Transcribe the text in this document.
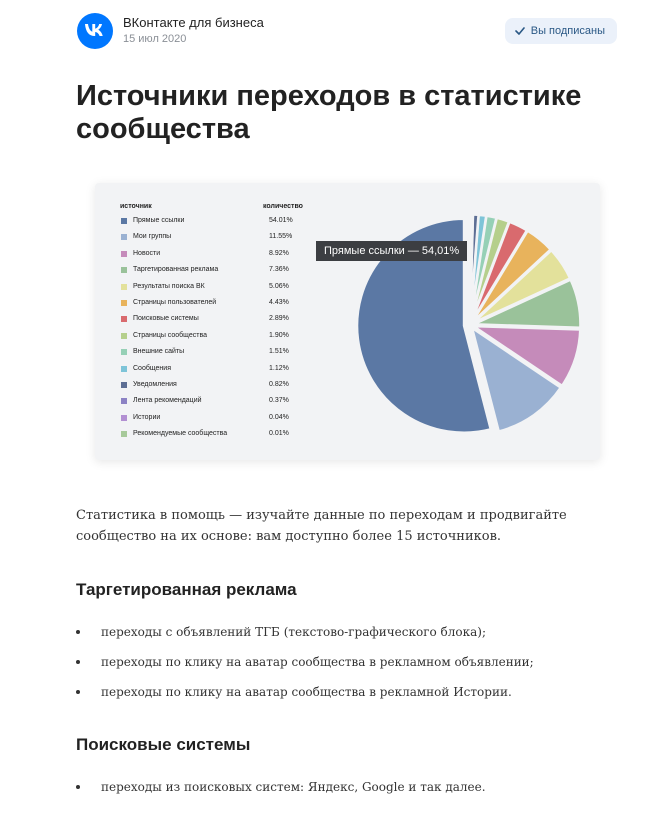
ВКонтакте для бизнеса
15 июл 2020
Вы подписаны
Источники переходов в статистике сообщества
источник	количество
Прямые ссылки	54.01%
Мои группы	11.55%
Новости	8.92%
Таргетированная реклама	7.36%
Результаты поиска ВК	5.06%
Страницы пользователей	4.43%
Поисковые системы	2.89%
Страницы сообщества	1.90%
Внешние сайты	1.51%
Сообщения	1.12%
Уведомления	0.82%
Лента рекомендаций	0.37%
Истории	0.04%
Рекомендуемые сообщества	0.01%
Прямые ссылки — 54,01%

Статистика в помощь — изучайте данные по переходам и продвигайте сообщество на их основе: вам доступно более 15 источников.

Таргетированная реклама
переходы с объявлений ТГБ (текстово-графического блока);
переходы по клику на аватар сообщества в рекламном объявлении;
переходы по клику на аватар сообщества в рекламной Истории.
Поисковые системы
переходы из поисковых систем: Яндекс, Google и так далее.
